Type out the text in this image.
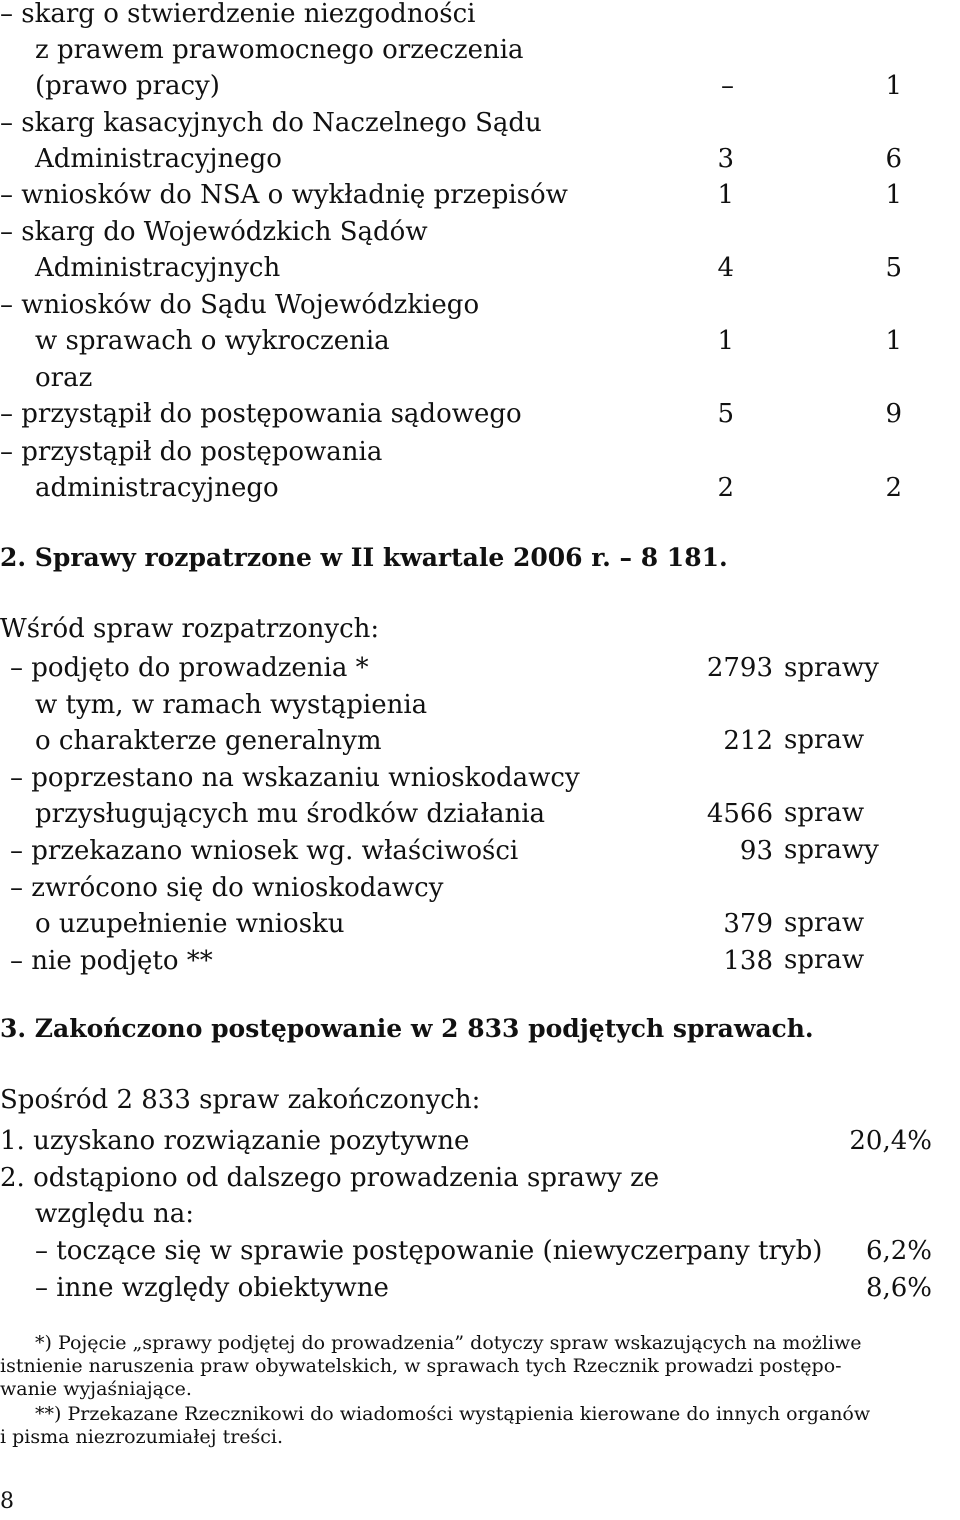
– skarg o stwierdzenie niezgodności
z prawem prawomocnego orzeczenia
(prawo pracy)	–	1
– skarg kasacyjnych do Naczelnego Sądu
Administracyjnego	3	6
– wniosków do NSA o wykładnię przepisów	1	1
– skarg do Wojewódzkich Sądów
Administracyjnych	4	5
– wniosków do Sądu Wojewódzkiego
w sprawach o wykroczenia	1	1
oraz
– przystąpił do postępowania sądowego	5	9
– przystąpił do postępowania
administracyjnego	2	2
2. Sprawy rozpatrzone w II kwartale 2006 r. – 8 181.
Wśród spraw rozpatrzonych:
– podjęto do prowadzenia *	2793 sprawy
w tym, w ramach wystąpienia
o charakterze generalnym	212 spraw
– poprzestano na wskazaniu wnioskodawcy
przysługujących mu środków działania	4566 spraw
– przekazano wniosek wg. właściwości	93 sprawy
– zwrócono się do wnioskodawcy
o uzupełnienie wniosku	379 spraw
– nie podjęto **	138 spraw
3. Zakończono postępowanie w 2 833 podjętych sprawach.
Spośród 2 833 spraw zakończonych:
1. uzyskano rozwiązanie pozytywne	20,4%
2. odstąpiono od dalszego prowadzenia sprawy ze
względu na:
– toczące się w sprawie postępowanie (niewyczerpany tryb)	6,2%
– inne względy obiektywne	8,6%
*) Pojęcie „sprawy podjętej do prowadzenia” dotyczy spraw wskazujących na możliwe
istnienie naruszenia praw obywatelskich, w sprawach tych Rzecznik prowadzi postępo-
wanie wyjaśniające.
**) Przekazane Rzecznikowi do wiadomości wystąpienia kierowane do innych organów
i pisma niezrozumiałej treści.
8
